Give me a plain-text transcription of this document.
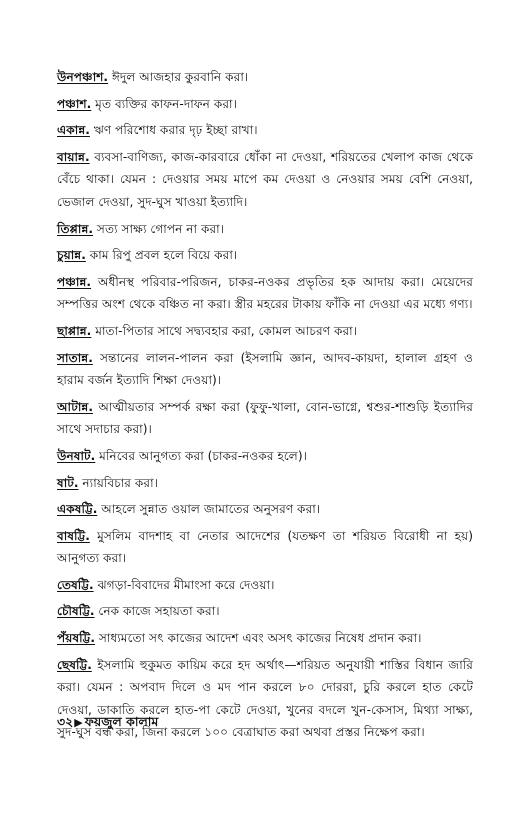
উনপঞ্চাশ. ঈদুল আজহার কুরবানি করা।

পঞ্চাশ. মৃত ব্যক্তির কাফন-দাফন করা।

একান্ন. ঋণ পরিশোধ করার দৃঢ় ইচ্ছা রাখা।

বায়ান্ন. ব্যবসা-বাণিজ্য, কাজ-কারবারে ধোঁকা না দেওয়া, শরিয়তের খেলাপ কাজ থেকে বেঁচে থাকা। যেমন : দেওয়ার সময় মাপে কম দেওয়া ও নেওয়ার সময় বেশি নেওয়া, ভেজাল দেওয়া, সুদ-ঘুস খাওয়া ইত্যাদি।

তিপ্পান্ন. সত্য সাক্ষ্য গোপন না করা।

চুয়ান্ন. কাম রিপু প্রবল হলে বিয়ে করা।

পঞ্চান্ন. অধীনস্থ পরিবার-পরিজন, চাকর-নওকর প্রভৃতির হক আদায় করা। মেয়েদের সম্পত্তির অংশ থেকে বঞ্চিত না করা। স্ত্রীর মহরের টাকায় ফাঁকি না দেওয়া এর মধ্যে গণ্য।

ছাপ্পান্ন. মাতা-পিতার সাথে সদ্ব্যবহার করা, কোমল আচরণ করা।

সাতান্ন. সন্তানের লালন-পালন করা (ইসলামি জ্ঞান, আদব-কায়দা, হালাল গ্রহণ ও হারাম বর্জন ইত্যাদি শিক্ষা দেওয়া)।

আটান্ন. আত্মীয়তার সম্পর্ক রক্ষা করা (ফুফু-খালা, বোন-ভাগ্নে, শ্বশুর-শাশুড়ি ইত্যাদির সাথে সদাচার করা)।

উনষাট. মনিবের আনুগত্য করা (চাকর-নওকর হলে)।

ষাট. ন্যায়বিচার করা।

একষট্টি. আহলে সুন্নাত ওয়াল জামাতের অনুসরণ করা।

বাষট্টি. মুসলিম বাদশাহ বা নেতার আদেশের (যতক্ষণ তা শরিয়ত বিরোধী না হয়) আনুগত্য করা।

তেষট্টি. ঝগড়া-বিবাদের মীমাংসা করে দেওয়া।

চৌষট্টি. নেক কাজে সহায়তা করা।

পঁয়ষট্টি. সাধ্যমতো সৎ কাজের আদেশ এবং অসৎ কাজের নিষেধ প্রদান করা।

ছেষট্টি. ইসলামি হুকুমত কায়িম করে হদ অর্থাৎ—শরিয়ত অনুযায়ী শাস্তির বিধান জারি করা। যেমন : অপবাদ দিলে ও মদ পান করলে ৮০ দোররা, চুরি করলে হাত কেটে দেওয়া, ডাকাতি করলে হাত-পা কেটে দেওয়া, খুনের বদলে খুন-কেসাস, মিথ্যা সাক্ষ্য, সুদ-ঘুস বন্ধ করা, জিনা করলে ১০০ বেত্রাঘাত করা অথবা প্রস্তর নিক্ষেপ করা।

৩২▶ ফয়জুল কালাম
